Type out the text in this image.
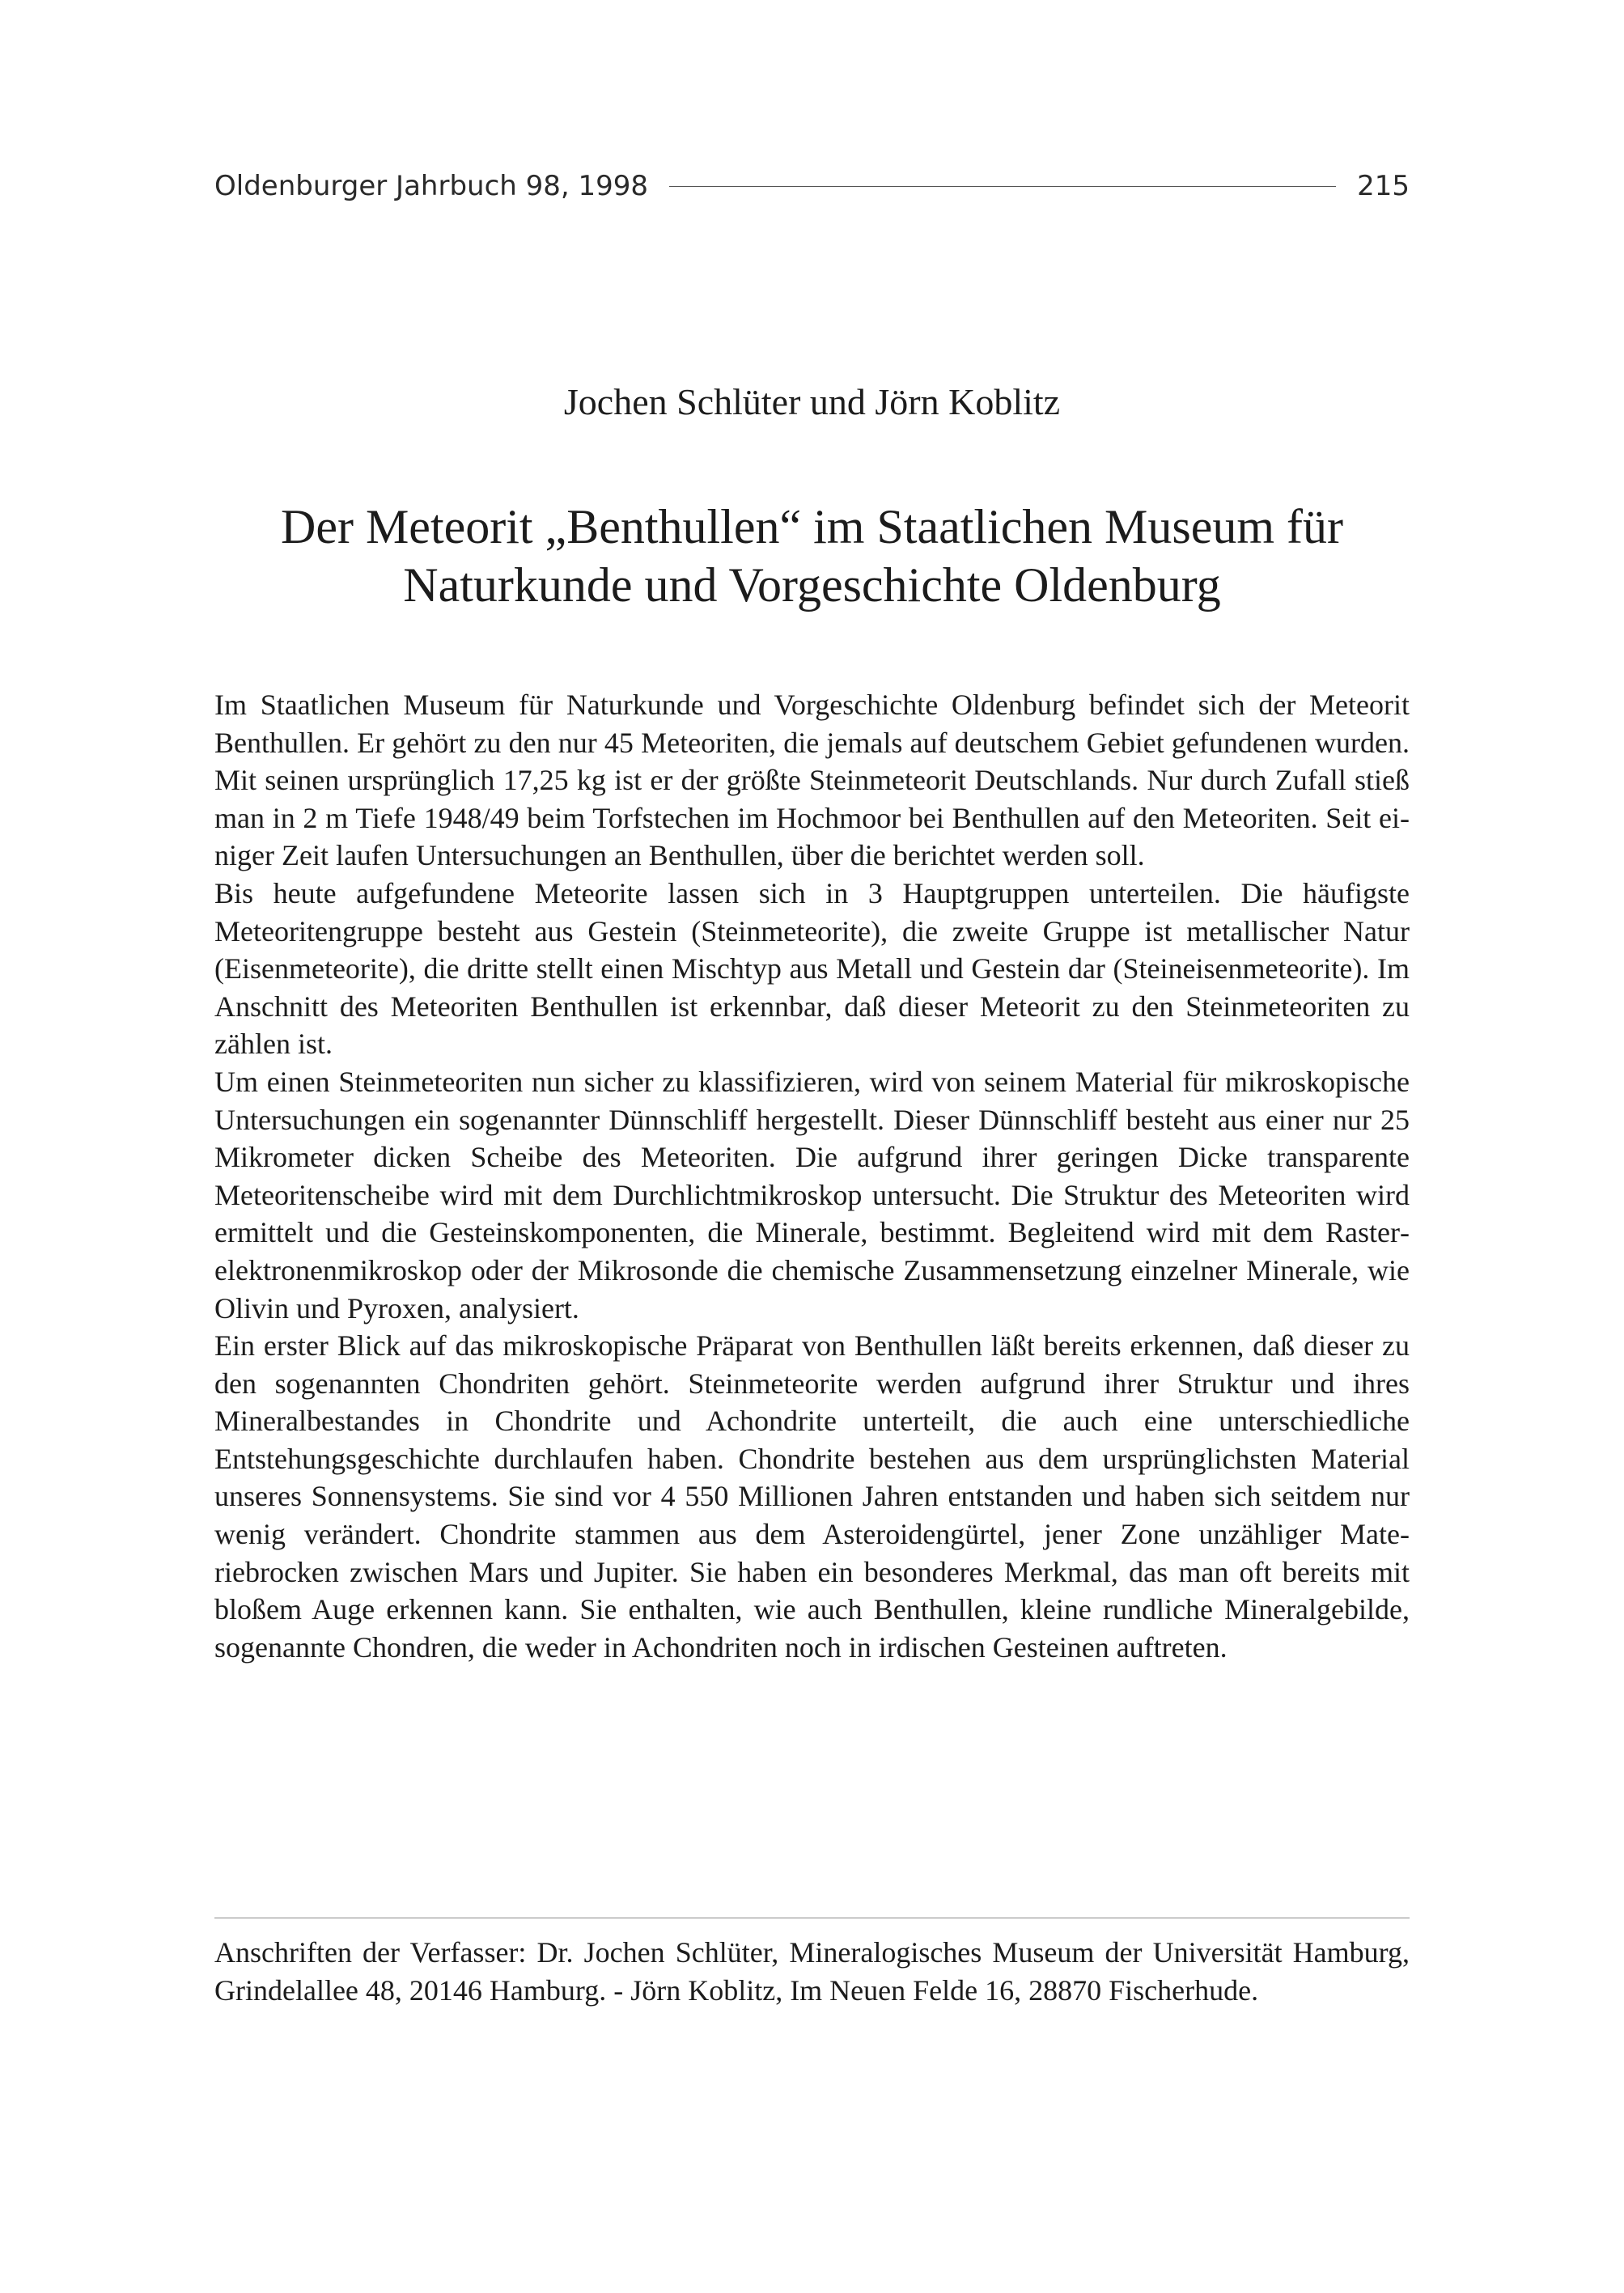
Oldenburger Jahrbuch 98, 1998	215
Jochen Schlüter und Jörn Koblitz
Der Meteorit „Benthullen“ im Staatlichen Museum für Naturkunde und Vorgeschichte Oldenburg

Im Staatlichen Museum für Naturkunde und Vorgeschichte Oldenburg befindet sich der Meteorit Benthullen. Er gehört zu den nur 45 Meteoriten, die jemals auf deutschem Gebiet gefundenen wurden. Mit seinen ursprünglich 17,25 kg ist er der größte Steinmeteorit Deutschlands. Nur durch Zufall stieß man in 2 m Tiefe 1948/49 beim Torfstechen im Hochmoor bei Benthullen auf den Meteoriten. Seit einiger Zeit laufen Untersuchungen an Benthullen, über die berichtet werden soll.

Bis heute aufgefundene Meteorite lassen sich in 3 Hauptgruppen unterteilen. Die häufigste Meteoritengruppe besteht aus Gestein (Steinmeteorite), die zweite Gruppe ist metallischer Natur (Eisenmeteorite), die dritte stellt einen Mischtyp aus Metall und Gestein dar (Steineisenmeteorite). Im Anschnitt des Meteoriten Benthullen ist erkennbar, daß dieser Meteorit zu den Steinmeteoriten zu zählen ist.

Um einen Steinmeteoriten nun sicher zu klassifizieren, wird von seinem Material für mikroskopische Untersuchungen ein sogenannter Dünnschliff hergestellt. Dieser Dünnschliff besteht aus einer nur 25 Mikrometer dicken Scheibe des Meteoriten. Die aufgrund ihrer geringen Dicke transparente Meteoritenscheibe wird mit dem Durchlichtmikroskop untersucht. Die Struktur des Meteoriten wird ermittelt und die Gesteinskomponenten, die Minerale, bestimmt. Begleitend wird mit dem Rasterelektronenmikroskop oder der Mikrosonde die chemische Zusammensetzung einzelner Minerale, wie Olivin und Pyroxen, analysiert.

Ein erster Blick auf das mikroskopische Präparat von Benthullen läßt bereits erkennen, daß dieser zu den sogenannten Chondriten gehört. Steinmeteorite werden aufgrund ihrer Struktur und ihres Mineralbestandes in Chondrite und Achondrite unterteilt, die auch eine unterschiedliche Entstehungsgeschichte durchlaufen haben. Chondrite bestehen aus dem ursprünglichsten Material unseres Sonnensystems. Sie sind vor 4 550 Millionen Jahren entstanden und haben sich seitdem nur wenig verändert. Chondrite stammen aus dem Asteroidengürtel, jener Zone unzähliger Materiebrocken zwischen Mars und Jupiter. Sie haben ein besonderes Merkmal, das man oft bereits mit bloßem Auge erkennen kann. Sie enthalten, wie auch Benthullen, kleine rundliche Mineralgebilde, sogenannte Chondren, die weder in Achondriten noch in irdischen Gesteinen auftreten.

Anschriften der Verfasser: Dr. Jochen Schlüter, Mineralogisches Museum der Universität Hamburg, Grindelallee 48, 20146 Hamburg. - Jörn Koblitz, Im Neuen Felde 16, 28870 Fischerhude.
